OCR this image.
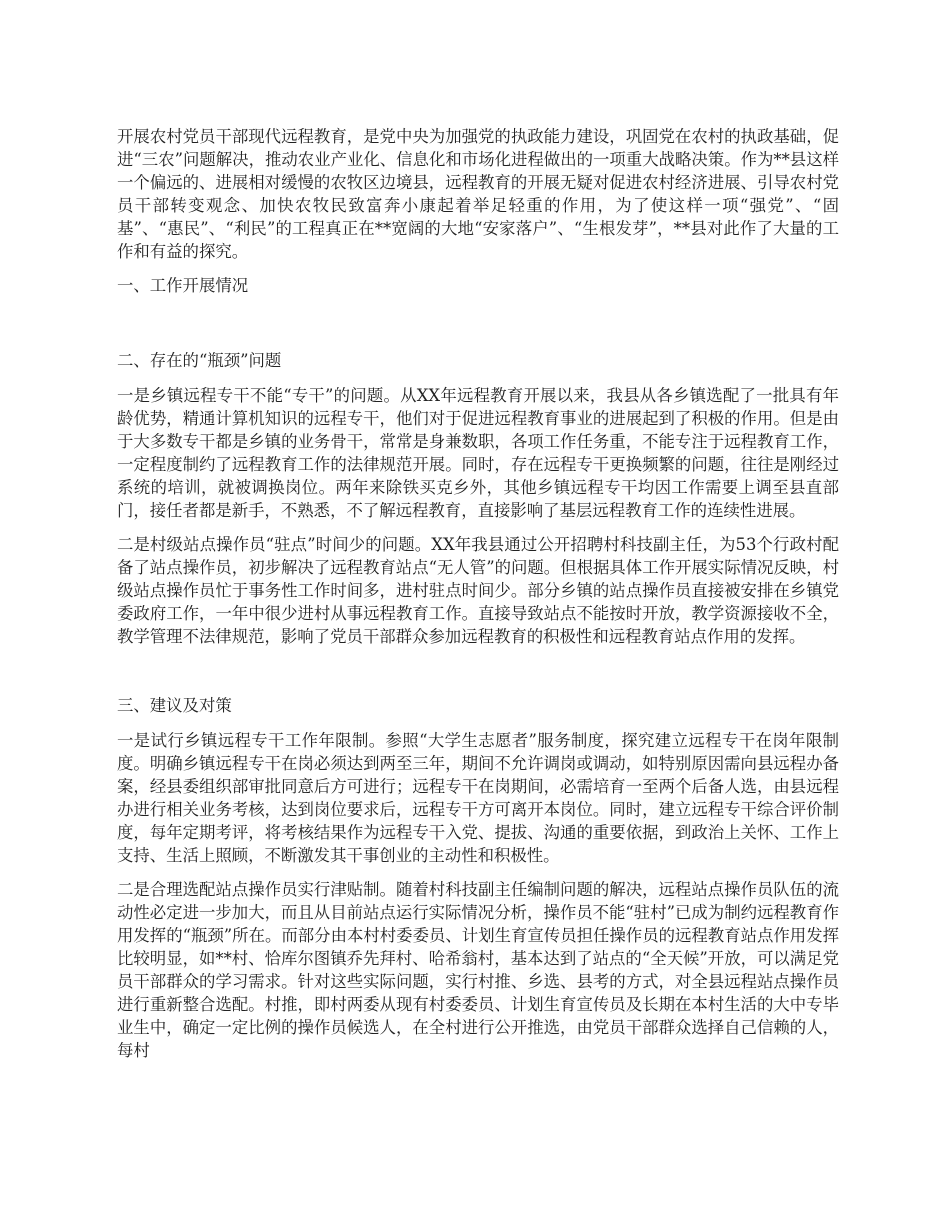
开展农村党员干部现代远程教育，是党中央为加强党的执政能力建设，巩固党在农村的执政基础，促进“三农”问题解决，推动农业产业化、信息化和市场化进程做出的一项重大战略决策。作为**县这样一个偏远的、进展相对缓慢的农牧区边境县，远程教育的开展无疑对促进农村经济进展、引导农村党员干部转变观念、加快农牧民致富奔小康起着举足轻重的作用，为了使这样一项“强党”、“固基”、“惠民”、“利民”的工程真正在**宽阔的大地“安家落户”、“生根发芽”，**县对此作了大量的工作和有益的探究。

一、工作开展情况

二、存在的“瓶颈”问题

一是乡镇远程专干不能“专干”的问题。从XX年远程教育开展以来，我县从各乡镇选配了一批具有年龄优势，精通计算机知识的远程专干，他们对于促进远程教育事业的进展起到了积极的作用。但是由于大多数专干都是乡镇的业务骨干，常常是身兼数职，各项工作任务重，不能专注于远程教育工作，一定程度制约了远程教育工作的法律规范开展。同时，存在远程专干更换频繁的问题，往往是刚经过系统的培训，就被调换岗位。两年来除铁买克乡外，其他乡镇远程专干均因工作需要上调至县直部门，接任者都是新手，不熟悉，不了解远程教育，直接影响了基层远程教育工作的连续性进展。

二是村级站点操作员“驻点”时间少的问题。XX年我县通过公开招聘村科技副主任，为53个行政村配备了站点操作员，初步解决了远程教育站点“无人管”的问题。但根据具体工作开展实际情况反映，村级站点操作员忙于事务性工作时间多，进村驻点时间少。部分乡镇的站点操作员直接被安排在乡镇党委政府工作，一年中很少进村从事远程教育工作。直接导致站点不能按时开放，教学资源接收不全，教学管理不法律规范，影响了党员干部群众参加远程教育的积极性和远程教育站点作用的发挥。

三、建议及对策

一是试行乡镇远程专干工作年限制。参照“大学生志愿者”服务制度，探究建立远程专干在岗年限制度。明确乡镇远程专干在岗必须达到两至三年，期间不允许调岗或调动，如特别原因需向县远程办备案，经县委组织部审批同意后方可进行；远程专干在岗期间，必需培育一至两个后备人选，由县远程办进行相关业务考核，达到岗位要求后，远程专干方可离开本岗位。同时，建立远程专干综合评价制度，每年定期考评，将考核结果作为远程专干入党、提拔、沟通的重要依据，到政治上关怀、工作上支持、生活上照顾，不断激发其干事创业的主动性和积极性。

二是合理选配站点操作员实行津贴制。随着村科技副主任编制问题的解决，远程站点操作员队伍的流动性必定进一步加大，而且从目前站点运行实际情况分析，操作员不能“驻村”已成为制约远程教育作用发挥的“瓶颈”所在。而部分由本村村委委员、计划生育宣传员担任操作员的远程教育站点作用发挥比较明显，如**村、恰库尔图镇乔先拜村、哈希翁村，基本达到了站点的“全天候”开放，可以满足党员干部群众的学习需求。针对这些实际问题，实行村推、乡选、县考的方式，对全县远程站点操作员进行重新整合选配。村推，即村两委从现有村委委员、计划生育宣传员及长期在本村生活的大中专毕业生中，确定一定比例的操作员候选人，在全村进行公开推选，由党员干部群众选择自己信赖的人，每村
